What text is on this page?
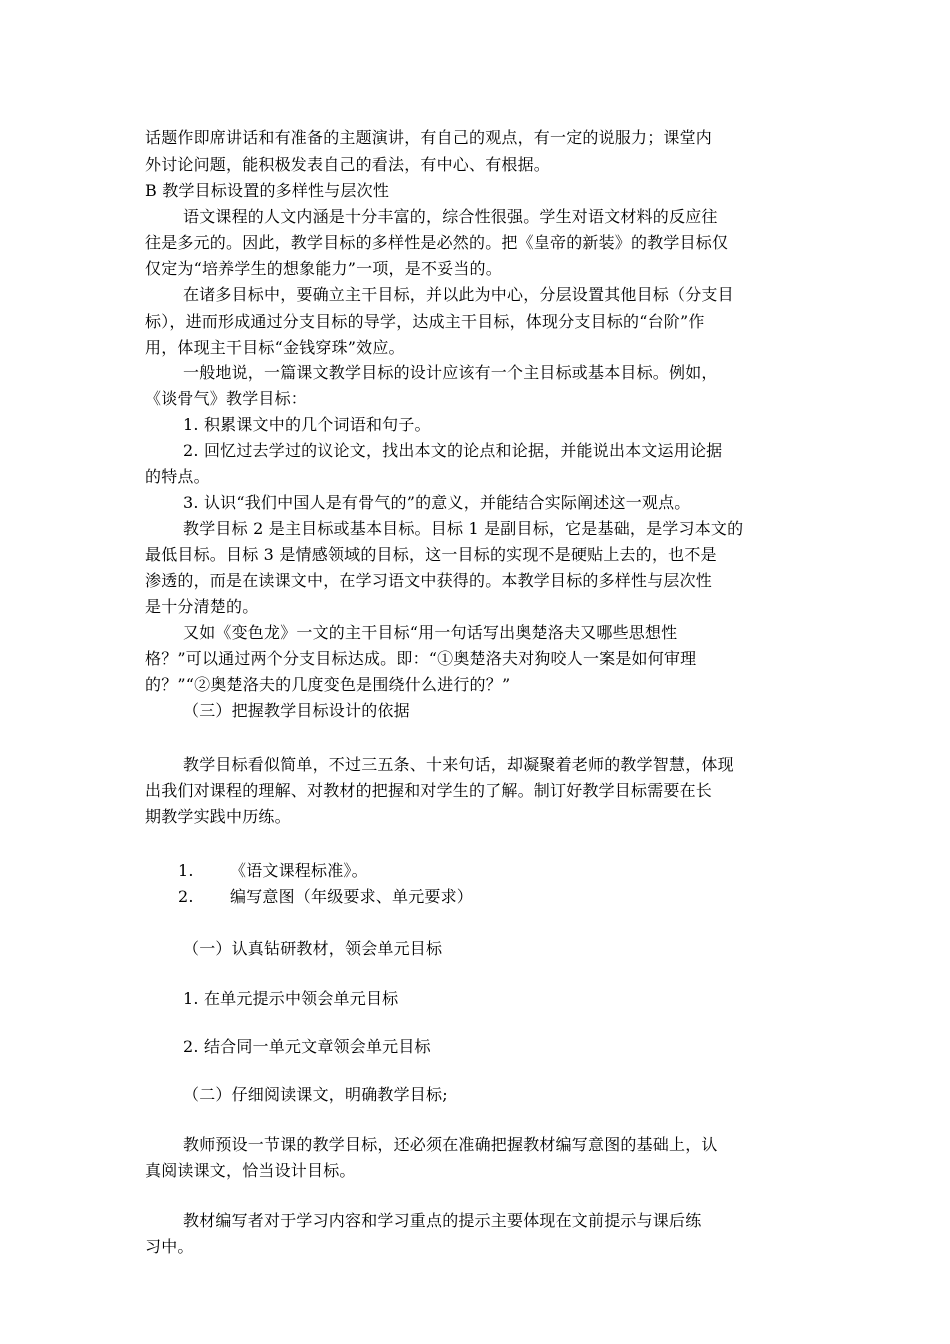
话题作即席讲话和有准备的主题演讲，有自己的观点，有一定的说服力；课堂内
外讨论问题，能积极发表自己的看法，有中心、有根据。
B 教学目标设置的多样性与层次性
语文课程的人文内涵是十分丰富的，综合性很强。学生对语文材料的反应往
往是多元的。因此，教学目标的多样性是必然的。把《皇帝的新装》的教学目标仅
仅定为“培养学生的想象能力”一项，是不妥当的。
在诸多目标中，要确立主干目标，并以此为中心，分层设置其他目标（分支目
标），进而形成通过分支目标的导学，达成主干目标，体现分支目标的“台阶”作
用，体现主干目标“金钱穿珠”效应。
一般地说，一篇课文教学目标的设计应该有一个主目标或基本目标。例如，
《谈骨气》教学目标：
1. 积累课文中的几个词语和句子。
2. 回忆过去学过的议论文，找出本文的论点和论据，并能说出本文运用论据
的特点。
3. 认识“我们中国人是有骨气的”的意义，并能结合实际阐述这一观点。
教学目标 2 是主目标或基本目标。目标 1 是副目标，它是基础，是学习本文的
最低目标。目标 3 是情感领域的目标，这一目标的实现不是硬贴上去的，也不是
渗透的，而是在读课文中，在学习语文中获得的。本教学目标的多样性与层次性
是十分清楚的。
又如《变色龙》一文的主干目标“用一句话写出奥楚洛夫又哪些思想性
格？”可以通过两个分支目标达成。即：“①奥楚洛夫对狗咬人一案是如何审理
的？”“②奥楚洛夫的几度变色是围绕什么进行的？”
（三）把握教学目标设计的依据
教学目标看似简单，不过三五条、十来句话，却凝聚着老师的教学智慧，体现
出我们对课程的理解、对教材的把握和对学生的了解。制订好教学目标需要在长
期教学实践中历练。
1.	《语文课程标准》。
2.	编写意图（年级要求、单元要求）
（一）认真钻研教材，领会单元目标
1. 在单元提示中领会单元目标
2. 结合同一单元文章领会单元目标
（二）仔细阅读课文，明确教学目标;
教师预设一节课的教学目标，还必须在准确把握教材编写意图的基础上，认
真阅读课文，恰当设计目标。
教材编写者对于学习内容和学习重点的提示主要体现在文前提示与课后练
习中。
